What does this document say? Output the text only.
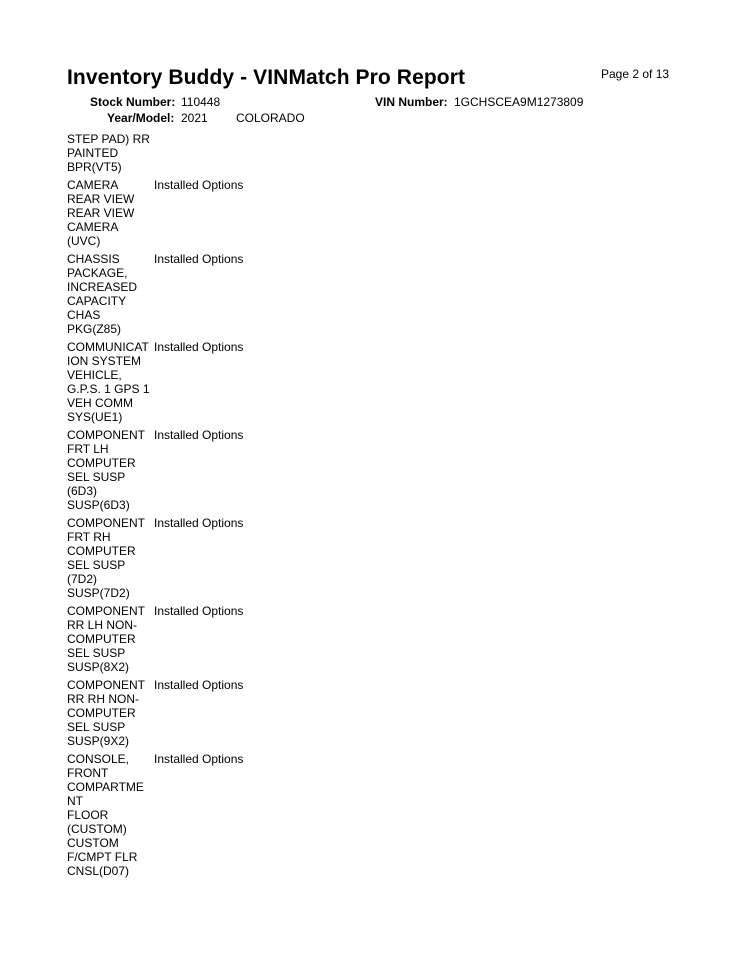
Inventory Buddy - VINMatch Pro Report	Page 2 of 13
Stock Number: 110448	VIN Number: 1GCHSCEA9M1273809
Year/Model: 2021 COLORADO
STEP PAD) RR
PAINTED
BPR(VT5)
CAMERA
REAR VIEW
REAR VIEW
CAMERA
(UVC)
Installed Options
CHASSIS
PACKAGE,
INCREASED
CAPACITY
CHAS
PKG(Z85)
Installed Options
COMMUNICAT
ION SYSTEM
VEHICLE,
G.P.S. 1 GPS 1
VEH COMM
SYS(UE1)
Installed Options
COMPONENT
FRT LH
COMPUTER
SEL SUSP
(6D3)
SUSP(6D3)
Installed Options
COMPONENT
FRT RH
COMPUTER
SEL SUSP
(7D2)
SUSP(7D2)
Installed Options
COMPONENT
RR LH NON-
COMPUTER
SEL SUSP
SUSP(8X2)
Installed Options
COMPONENT
RR RH NON-
COMPUTER
SEL SUSP
SUSP(9X2)
Installed Options
CONSOLE,
FRONT
COMPARTME
NT
FLOOR
(CUSTOM)
CUSTOM
F/CMPT FLR
CNSL(D07)
Installed Options
